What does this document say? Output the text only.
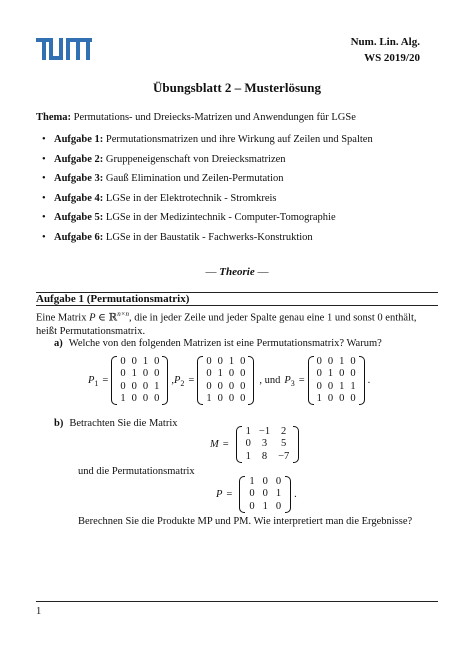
Num. Lin. Alg.
WS 2019/20
Übungsblatt 2 – Musterlösung
Thema: Permutations- und Dreiecks-Matrizen und Anwendungen für LGSe
• Aufgabe 1: Permutationsmatrizen und ihre Wirkung auf Zeilen und Spalten
• Aufgabe 2: Gruppeneigenschaft von Dreiecksmatrizen
• Aufgabe 3: Gauß Elimination und Zeilen-Permutation
• Aufgabe 4: LGSe in der Elektrotechnik - Stromkreis
• Aufgabe 5: LGSe in der Medizintechnik - Computer-Tomographie
• Aufgabe 6: LGSe in der Baustatik - Fachwerks-Konstruktion
— Theorie —
Aufgabe 1 (Permutationsmatrix)
Eine Matrix P ∈ ℝ$^{n\times n}$, die in jeder Zeile und jeder Spalte genau eine 1 und sonst 0 enthält, heißt Permutationsmatrix.
a) Welche von den folgenden Matrizen ist eine Permutationsmatrix? Warum?
$P_1$ =
0	0	1	0
0	1	0	0
0	0	0	1
1	0	0	0
, $P_2$ =
0	0	1	0
0	1	0	0
0	0	0	0
1	0	0	0
, und $P_3$ =
0	0	1	0
0	1	0	0
0	0	1	1
1	0	0	0
.
b) Betrachten Sie die Matrix
M =
1	−1	2
0	3	5
1	8	−7
und die Permutationsmatrix
P =
1	0	0
0	0	1
0	1	0
.
Berechnen Sie die Produkte MP und PM. Wie interpretiert man die Ergebnisse?
1
